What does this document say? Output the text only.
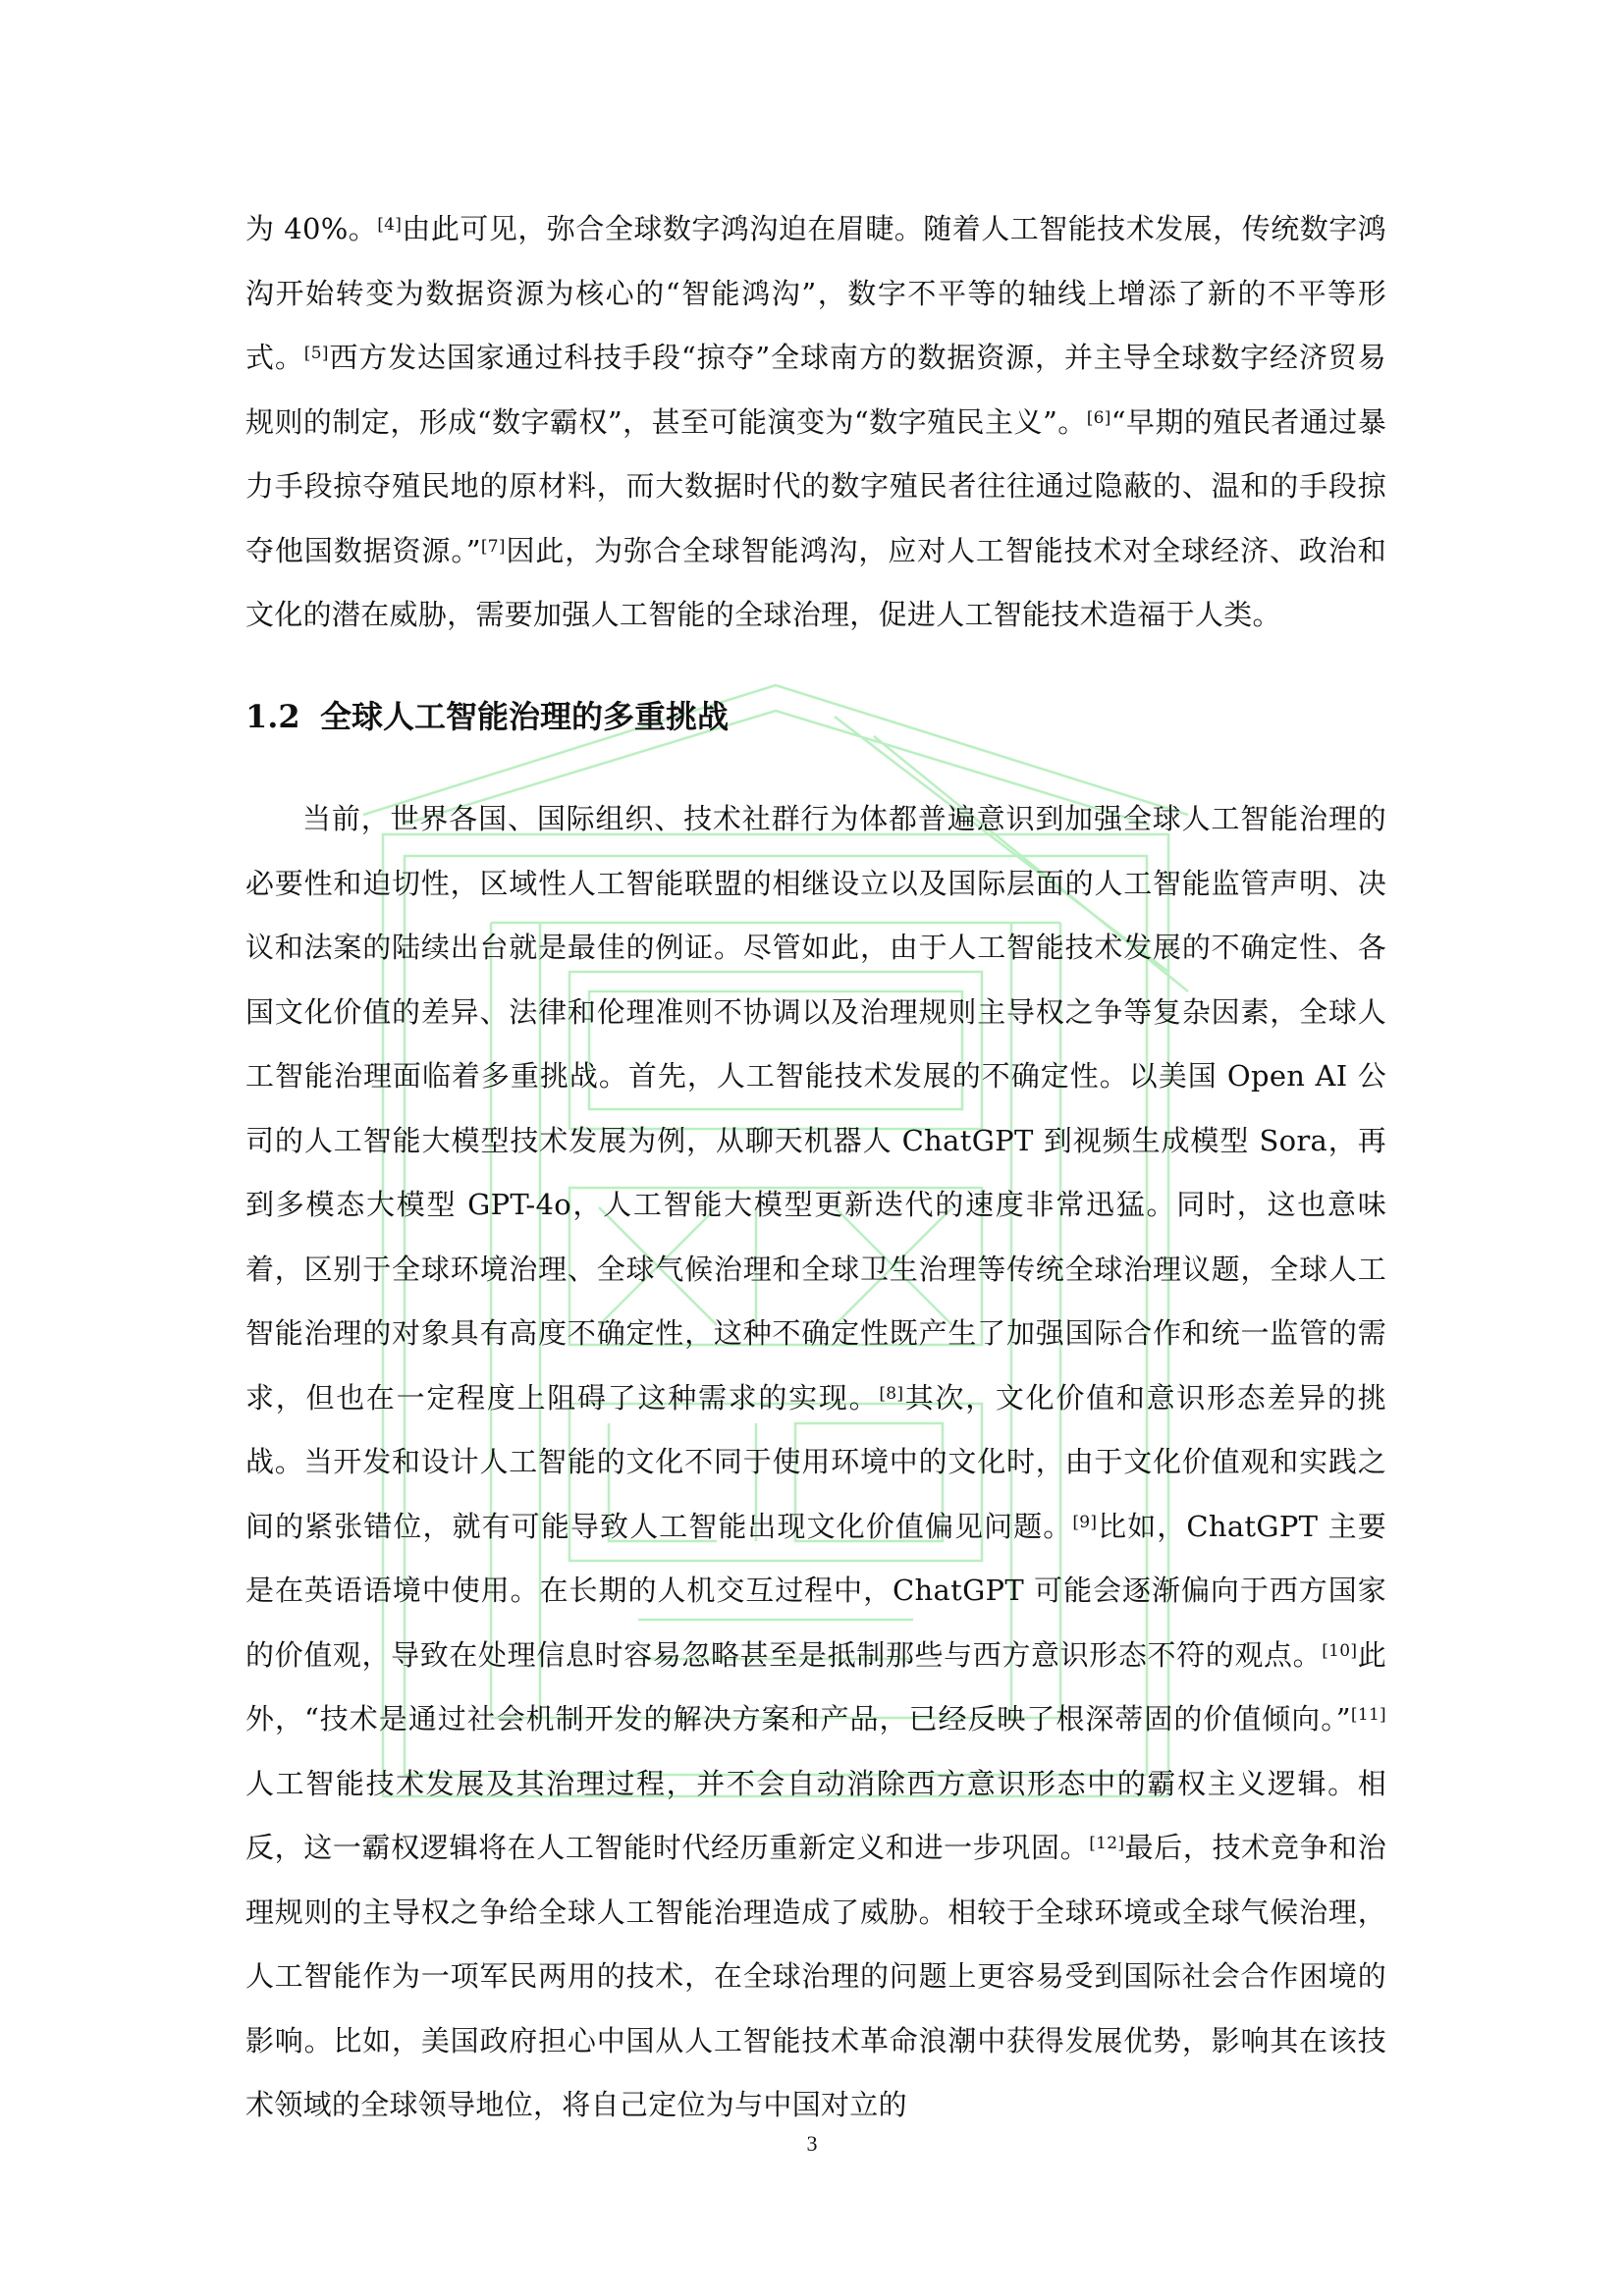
为 40%。[4]由此可见，弥合全球数字鸿沟迫在眉睫。随着人工智能技术发展，传统数字鸿沟开始转变为数据资源为核心的“智能鸿沟”，数字不平等的轴线上增添了新的不平等形式。[5]西方发达国家通过科技手段“掠夺”全球南方的数据资源，并主导全球数字经济贸易规则的制定，形成“数字霸权”，甚至可能演变为“数字殖民主义”。[6]“早期的殖民者通过暴力手段掠夺殖民地的原材料，而大数据时代的数字殖民者往往通过隐蔽的、温和的手段掠夺他国数据资源。”[7]因此，为弥合全球智能鸿沟，应对人工智能技术对全球经济、政治和文化的潜在威胁，需要加强人工智能的全球治理，促进人工智能技术造福于人类。
1.2 全球人工智能治理的多重挑战
当前，世界各国、国际组织、技术社群行为体都普遍意识到加强全球人工智能治理的必要性和迫切性，区域性人工智能联盟的相继设立以及国际层面的人工智能监管声明、决议和法案的陆续出台就是最佳的例证。尽管如此，由于人工智能技术发展的不确定性、各国文化价值的差异、法律和伦理准则不协调以及治理规则主导权之争等复杂因素，全球人工智能治理面临着多重挑战。首先，人工智能技术发展的不确定性。以美国 Open AI 公司的人工智能大模型技术发展为例，从聊天机器人 ChatGPT 到视频生成模型 Sora，再到多模态大模型 GPT-4o，人工智能大模型更新迭代的速度非常迅猛。同时，这也意味着，区别于全球环境治理、全球气候治理和全球卫生治理等传统全球治理议题，全球人工智能治理的对象具有高度不确定性，这种不确定性既产生了加强国际合作和统一监管的需求，但也在一定程度上阻碍了这种需求的实现。[8]其次，文化价值和意识形态差异的挑战。当开发和设计人工智能的文化不同于使用环境中的文化时，由于文化价值观和实践之间的紧张错位，就有可能导致人工智能出现文化价值偏见问题。[9]比如，ChatGPT 主要是在英语语境中使用。在长期的人机交互过程中，ChatGPT 可能会逐渐偏向于西方国家的价值观，导致在处理信息时容易忽略甚至是抵制那些与西方意识形态不符的观点。[10]此外，“技术是通过社会机制开发的解决方案和产品，已经反映了根深蒂固的价值倾向。”[11]人工智能技术发展及其治理过程，并不会自动消除西方意识形态中的霸权主义逻辑。相反，这一霸权逻辑将在人工智能时代经历重新定义和进一步巩固。[12]最后，技术竞争和治理规则的主导权之争给全球人工智能治理造成了威胁。相较于全球环境或全球气候治理，人工智能作为一项军民两用的技术，在全球治理的问题上更容易受到国际社会合作困境的影响。比如，美国政府担心中国从人工智能技术革命浪潮中获得发展优势，影响其在该技术领域的全球领导地位，将自己定位为与中国对立的
3
